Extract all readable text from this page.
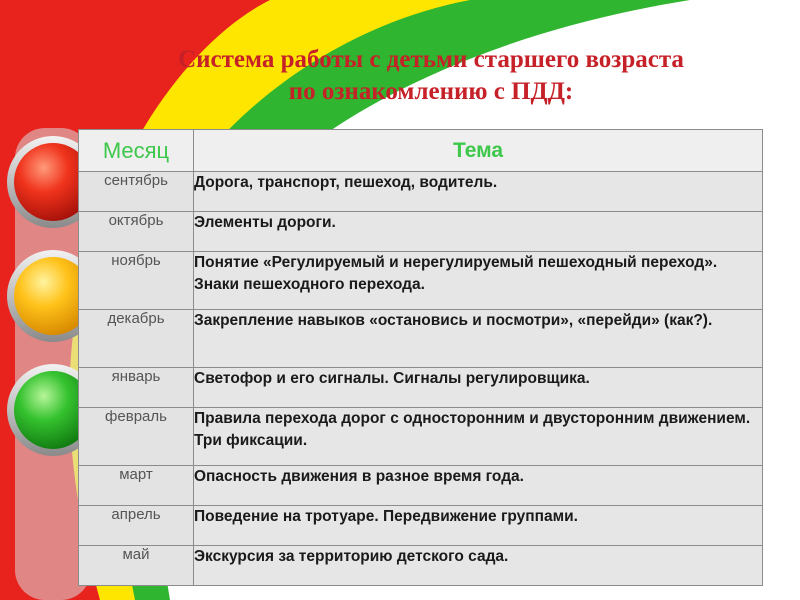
Система работы с детьми старшего возраста
по ознакомлению с ПДД:
Месяц	Тема
сентябрь	Дорога, транспорт, пешеход, водитель.
октябрь	Элементы дороги.
ноябрь	Понятие «Регулируемый и нерегулируемый пешеходный переход». Знаки пешеходного перехода.
декабрь	Закрепление навыков «остановись и посмотри», «перейди» (как?).
январь	Светофор и его сигналы. Сигналы регулировщика.
февраль	Правила перехода дорог с односторонним и двусторонним движением. Три фиксации.
март	Опасность движения в разное время года.
апрель	Поведение на тротуаре. Передвижение группами.
май	Экскурсия за территорию детского сада.
